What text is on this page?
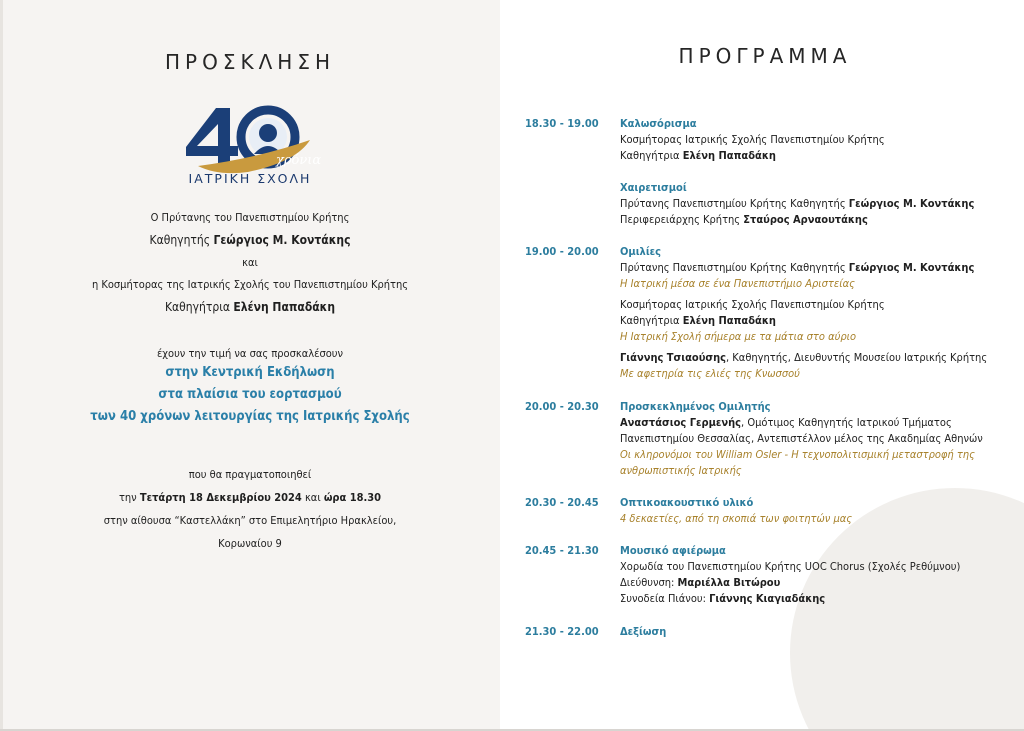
ΠΡΟΣΚΛΗΣΗ
χρόνια
ΙΑΤΡΙΚΗ ΣΧΟΛΗ
Ο Πρύτανης του Πανεπιστημίου Κρήτης
Καθηγητής Γεώργιος Μ. Κοντάκης
και
η Κοσμήτορας της Ιατρικής Σχολής του Πανεπιστημίου Κρήτης
Καθηγήτρια Ελένη Παπαδάκη
έχουν την τιμή να σας προσκαλέσουν
στην Κεντρική Εκδήλωση
στα πλαίσια του εορτασμού
των 40 χρόνων λειτουργίας της Ιατρικής Σχολής
που θα πραγματοποιηθεί
την Τετάρτη 18 Δεκεμβρίου 2024 και ώρα 18.30
στην αίθουσα “Καστελλάκη” στο Επιμελητήριο Ηρακλείου,
Κορωναίου 9
ΠΡΟΓΡΑΜΜΑ
18.30 - 19.00 Καλωσόρισμα
Κοσμήτορας Ιατρικής Σχολής Πανεπιστημίου Κρήτης
Καθηγήτρια Ελένη Παπαδάκη
Χαιρετισμοί
Πρύτανης Πανεπιστημίου Κρήτης Καθηγητής Γεώργιος Μ. Κοντάκης
Περιφερειάρχης Κρήτης Σταύρος Αρναουτάκης
19.00 - 20.00 Ομιλίες
Πρύτανης Πανεπιστημίου Κρήτης Καθηγητής Γεώργιος Μ. Κοντάκης
Η Ιατρική μέσα σε ένα Πανεπιστήμιο Αριστείας
Κοσμήτορας Ιατρικής Σχολής Πανεπιστημίου Κρήτης
Καθηγήτρια Ελένη Παπαδάκη
Η Ιατρική Σχολή σήμερα με τα μάτια στο αύριο
Γιάννης Τσιαούσης, Καθηγητής, Διευθυντής Μουσείου Ιατρικής Κρήτης
Με αφετηρία τις ελιές της Κνωσσού
20.00 - 20.30 Προσκεκλημένος Ομιλητής
Αναστάσιος Γερμενής, Ομότιμος Καθηγητής Ιατρικού Τμήματος
Πανεπιστημίου Θεσσαλίας, Αντεπιστέλλον μέλος της Ακαδημίας Αθηνών
Οι κληρονόμοι του William Osler - Η τεχνοπολιτισμική μεταστροφή της
ανθρωπιστικής Ιατρικής
20.30 - 20.45 Οπτικοακουστικό υλικό
4 δεκαετίες, από τη σκοπιά των φοιτητών μας
20.45 - 21.30 Μουσικό αφιέρωμα
Χορωδία του Πανεπιστημίου Κρήτης UOC Chorus (Σχολές Ρεθύμνου)
Διεύθυνση: Μαριέλλα Βιτώρου
Συνοδεία Πιάνου: Γιάννης Κιαγιαδάκης
21.30 - 22.00 Δεξίωση
